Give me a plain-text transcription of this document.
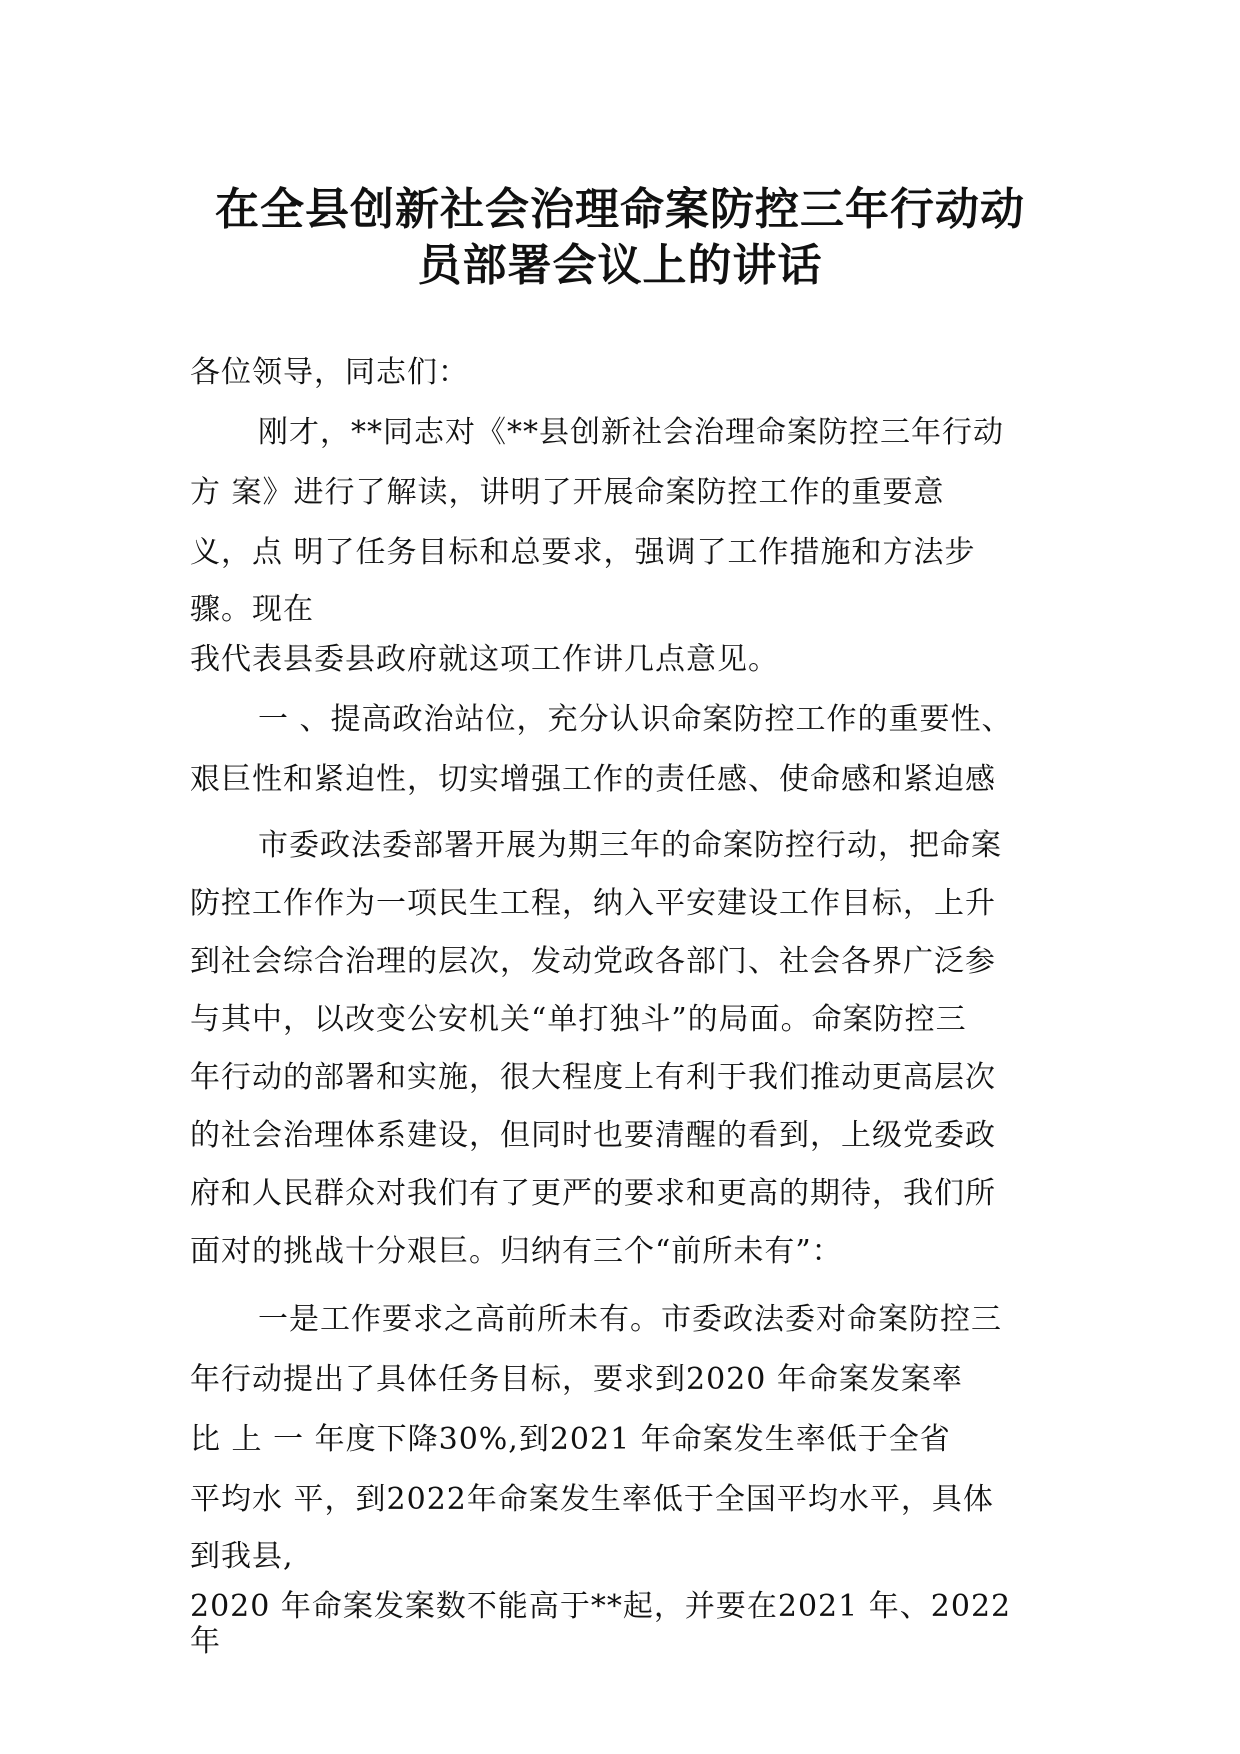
在全县创新社会治理命案防控三年行动动
员部署会议上的讲话
各位领导，同志们：
刚才，**同志对《**县创新社会治理命案防控三年行动
方 案》进行了解读，讲明了开展命案防控工作的重要意
义，点 明了任务目标和总要求，强调了工作措施和方法步
骤。现在
我代表县委县政府就这项工作讲几点意见。
一 、提高政治站位，充分认识命案防控工作的重要性、
艰巨性和紧迫性，切实增强工作的责任感、使命感和紧迫感
市委政法委部署开展为期三年的命案防控行动，把命案
防控工作作为一项民生工程，纳入平安建设工作目标，上升
到社会综合治理的层次，发动党政各部门、社会各界广泛参
与其中，以改变公安机关“单打独斗”的局面。命案防控三
年行动的部署和实施，很大程度上有利于我们推动更高层次
的社会治理体系建设，但同时也要清醒的看到，上级党委政
府和人民群众对我们有了更严的要求和更高的期待，我们所
面对的挑战十分艰巨。归纳有三个“前所未有”：
一是工作要求之高前所未有。市委政法委对命案防控三
年行动提出了具体任务目标，要求到2020 年命案发案率
比 上 一 年度下降30%,到2021 年命案发生率低于全省
平均水 平，到2022年命案发生率低于全国平均水平，具体
到我县,
2020 年命案发案数不能高于**起，并要在2021 年、2022
年
